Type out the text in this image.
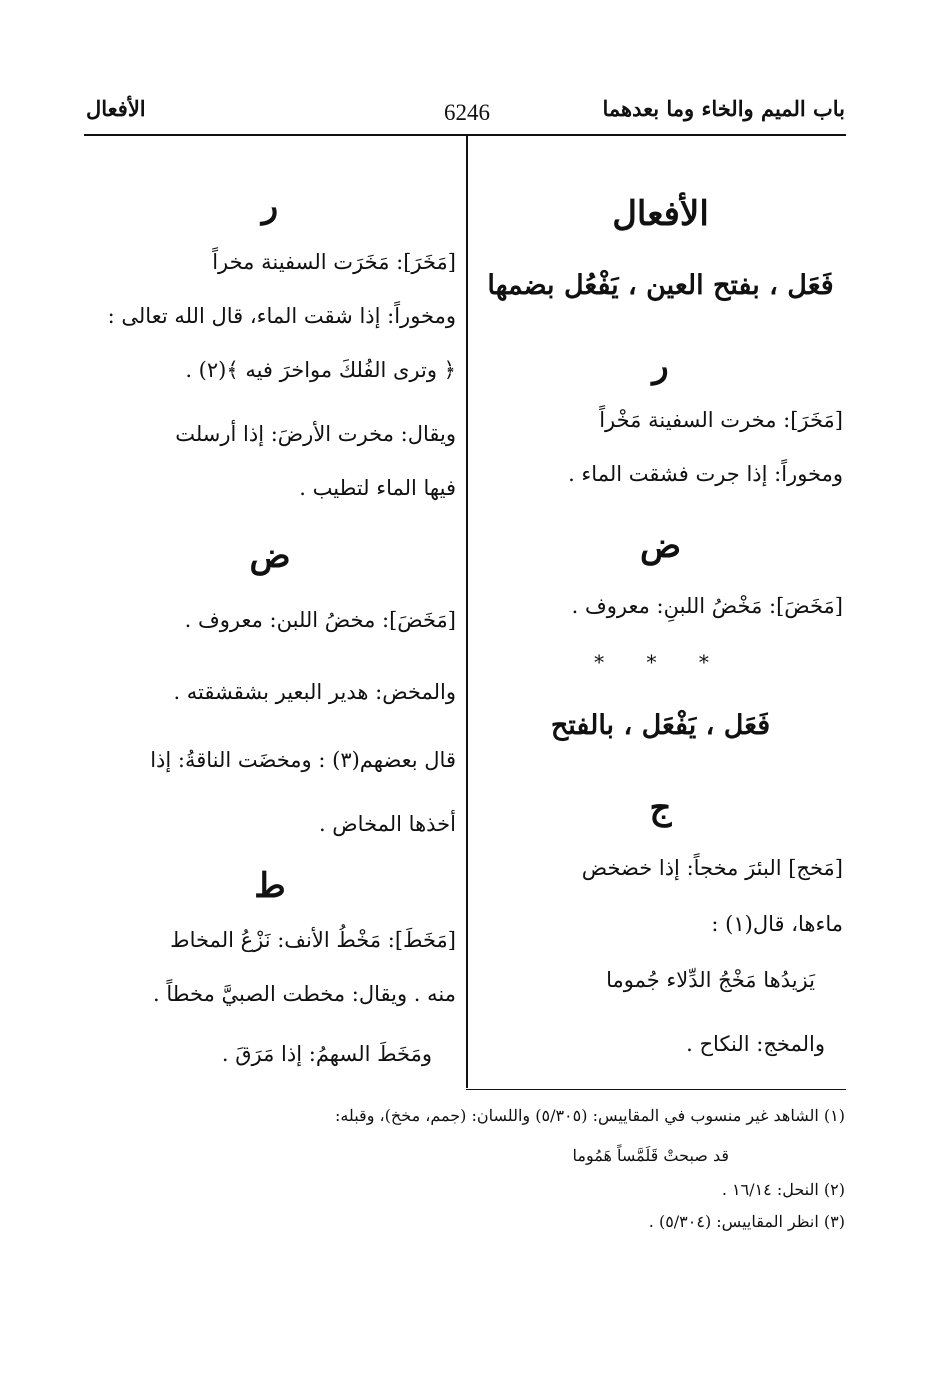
باب الميم والخاء وما بعدهما
6246
الأفعال
الأفعال
فَعَل ، بفتح العين ، يَفْعُل بضمها
ر
[مَخَرَ]: مخرت السفينة مَخْراً
ومخوراً: إذا جرت فشقت الماء .
ض
[مَخَضَ]: مَخْضُ اللبنِ: معروف .
* * *
فَعَل ، يَفْعَل ، بالفتح
ج
[مَخج] البئرَ مخجاً: إذا خضخض
ماءها، قال(١) :
يَزيدُها مَخْجُ الدِّلاء جُموما
والمخج: النكاح .
ر
[مَخَرَ]: مَخَرَت السفينة مخراً
ومخوراً: إذا شقت الماء، قال الله تعالى :
﴿ وترى الفُلكَ مواخرَ فيه ﴾(٢) .
ويقال: مخرت الأرضَ: إذا أرسلت
فيها الماء لتطيب .
ض
[مَخَضَ]: مخضُ اللبن: معروف .
والمخض: هدير البعير بشقشقته .
قال بعضهم(٣) : ومخضَت الناقةُ: إذا
أخذها المخاض .
ط
[مَخَطَ]: مَخْطُ الأنف: نَزْعُ المخاط
منه . ويقال: مخطت الصبيَّ مخطاً .
ومَخَطَ السهمُ: إذا مَرَقَ .
(١) الشاهد غير منسوب في المقاييس: (٥/٣٠٥) واللسان: (جمم، مخخ)، وقبله:
قد صبحتْ قَلَمَّساً هَمُوما
(٢) النحل: ١٦/١٤ .
(٣) انظر المقاييس: (٥/٣٠٤) .
